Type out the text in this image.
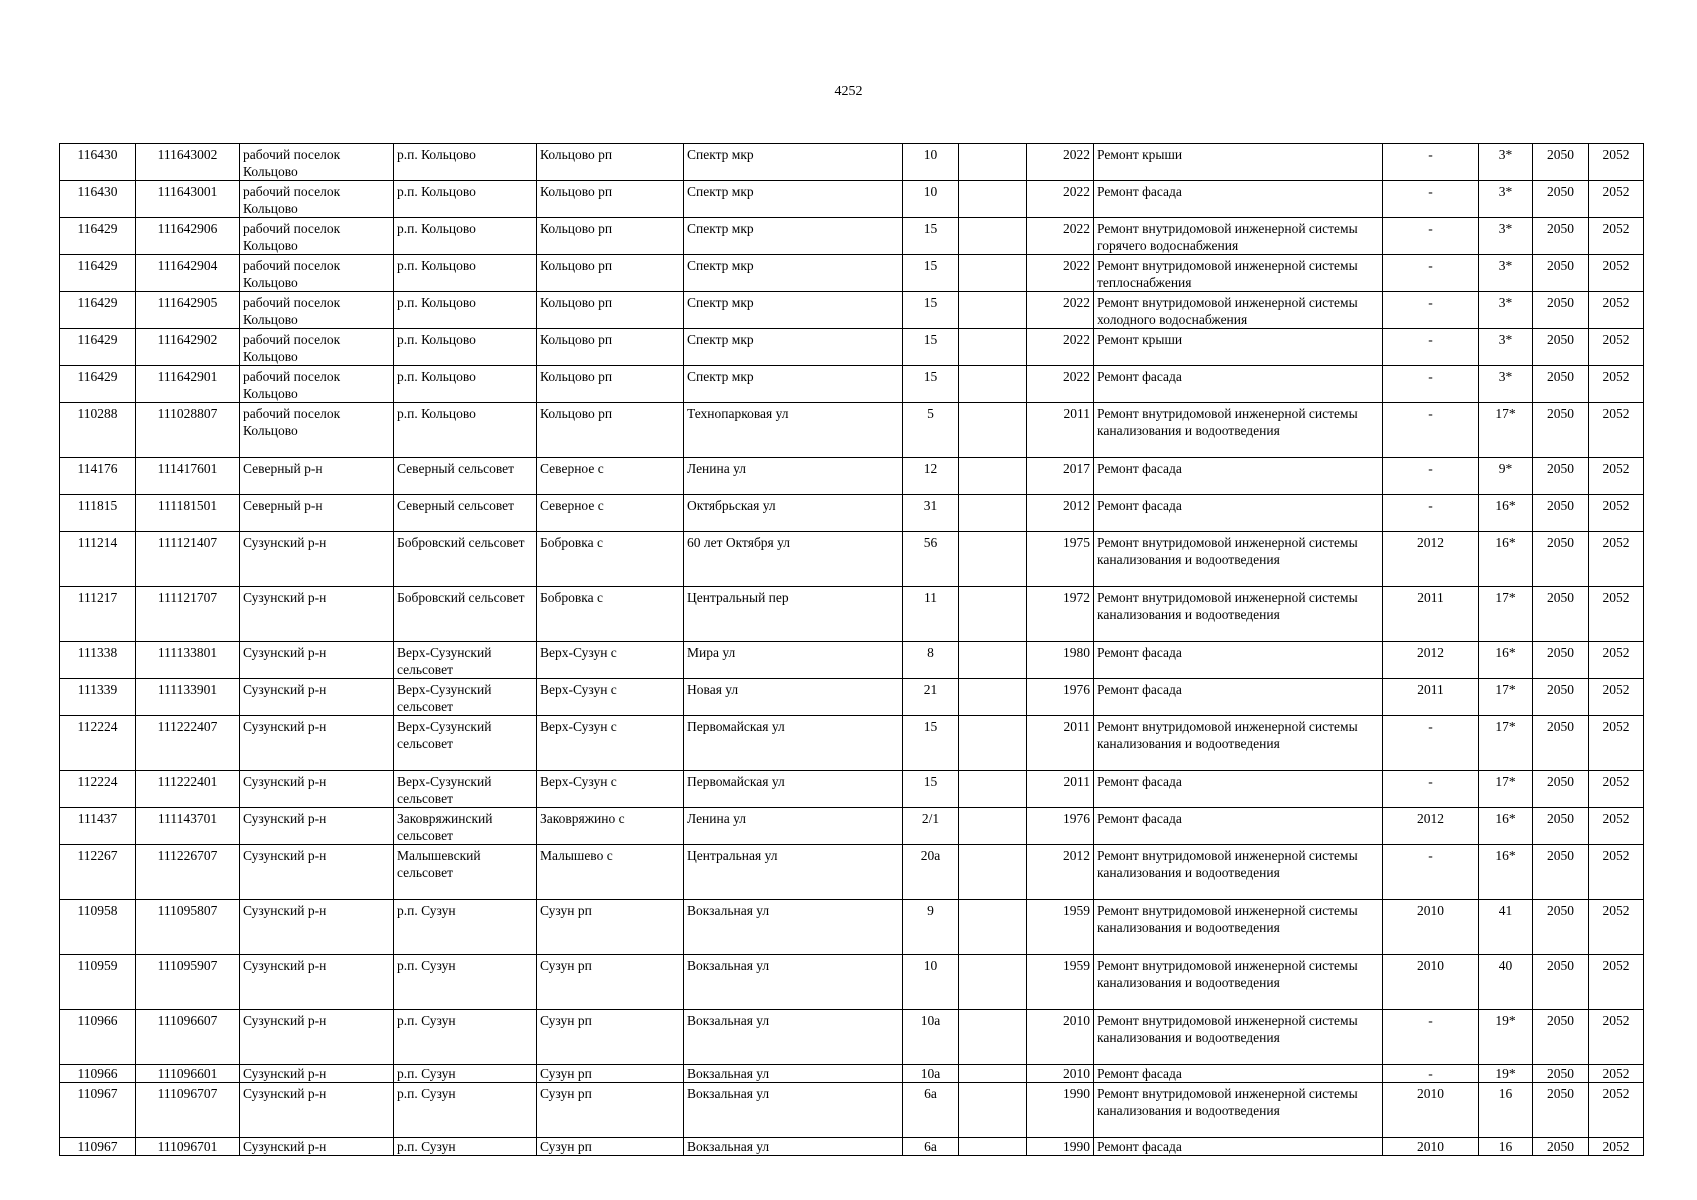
4252
116430	111643002	рабочий поселок Кольцово	р.п. Кольцово	Кольцово рп	Спектр мкр	10		2022	Ремонт крыши	-	3*	2050	2052
116430	111643001	рабочий поселок Кольцово	р.п. Кольцово	Кольцово рп	Спектр мкр	10		2022	Ремонт фасада	-	3*	2050	2052
116429	111642906	рабочий поселок Кольцово	р.п. Кольцово	Кольцово рп	Спектр мкр	15		2022	Ремонт внутридомовой инженерной системы горячего водоснабжения	-	3*	2050	2052
116429	111642904	рабочий поселок Кольцово	р.п. Кольцово	Кольцово рп	Спектр мкр	15		2022	Ремонт внутридомовой инженерной системы теплоснабжения	-	3*	2050	2052
116429	111642905	рабочий поселок Кольцово	р.п. Кольцово	Кольцово рп	Спектр мкр	15		2022	Ремонт внутридомовой инженерной системы холодного водоснабжения	-	3*	2050	2052
116429	111642902	рабочий поселок Кольцово	р.п. Кольцово	Кольцово рп	Спектр мкр	15		2022	Ремонт крыши	-	3*	2050	2052
116429	111642901	рабочий поселок Кольцово	р.п. Кольцово	Кольцово рп	Спектр мкр	15		2022	Ремонт фасада	-	3*	2050	2052
110288	111028807	рабочий поселок Кольцово	р.п. Кольцово	Кольцово рп	Технопарковая ул	5		2011	Ремонт внутридомовой инженерной системы канализования и водоотведения	-	17*	2050	2052
114176	111417601	Северный р-н	Северный сельсовет	Северное с	Ленина ул	12		2017	Ремонт фасада	-	9*	2050	2052
111815	111181501	Северный р-н	Северный сельсовет	Северное с	Октябрьская ул	31		2012	Ремонт фасада	-	16*	2050	2052
111214	111121407	Сузунский р-н	Бобровский сельсовет	Бобровка с	60 лет Октября ул	56		1975	Ремонт внутридомовой инженерной системы канализования и водоотведения	2012	16*	2050	2052
111217	111121707	Сузунский р-н	Бобровский сельсовет	Бобровка с	Центральный пер	11		1972	Ремонт внутридомовой инженерной системы канализования и водоотведения	2011	17*	2050	2052
111338	111133801	Сузунский р-н	Верх-Сузунский сельсовет	Верх-Сузун с	Мира ул	8		1980	Ремонт фасада	2012	16*	2050	2052
111339	111133901	Сузунский р-н	Верх-Сузунский сельсовет	Верх-Сузун с	Новая ул	21		1976	Ремонт фасада	2011	17*	2050	2052
112224	111222407	Сузунский р-н	Верх-Сузунский сельсовет	Верх-Сузун с	Первомайская ул	15		2011	Ремонт внутридомовой инженерной системы канализования и водоотведения	-	17*	2050	2052
112224	111222401	Сузунский р-н	Верх-Сузунский сельсовет	Верх-Сузун с	Первомайская ул	15		2011	Ремонт фасада	-	17*	2050	2052
111437	111143701	Сузунский р-н	Заковряжинский сельсовет	Заковряжино с	Ленина ул	2/1		1976	Ремонт фасада	2012	16*	2050	2052
112267	111226707	Сузунский р-н	Малышевский сельсовет	Малышево с	Центральная ул	20а		2012	Ремонт внутридомовой инженерной системы канализования и водоотведения	-	16*	2050	2052
110958	111095807	Сузунский р-н	р.п. Сузун	Сузун рп	Вокзальная ул	9		1959	Ремонт внутридомовой инженерной системы канализования и водоотведения	2010	41	2050	2052
110959	111095907	Сузунский р-н	р.п. Сузун	Сузун рп	Вокзальная ул	10		1959	Ремонт внутридомовой инженерной системы канализования и водоотведения	2010	40	2050	2052
110966	111096607	Сузунский р-н	р.п. Сузун	Сузун рп	Вокзальная ул	10а		2010	Ремонт внутридомовой инженерной системы канализования и водоотведения	-	19*	2050	2052
110966	111096601	Сузунский р-н	р.п. Сузун	Сузун рп	Вокзальная ул	10а		2010	Ремонт фасада	-	19*	2050	2052
110967	111096707	Сузунский р-н	р.п. Сузун	Сузун рп	Вокзальная ул	6а		1990	Ремонт внутридомовой инженерной системы канализования и водоотведения	2010	16	2050	2052
110967	111096701	Сузунский р-н	р.п. Сузун	Сузун рп	Вокзальная ул	6а		1990	Ремонт фасада	2010	16	2050	2052
